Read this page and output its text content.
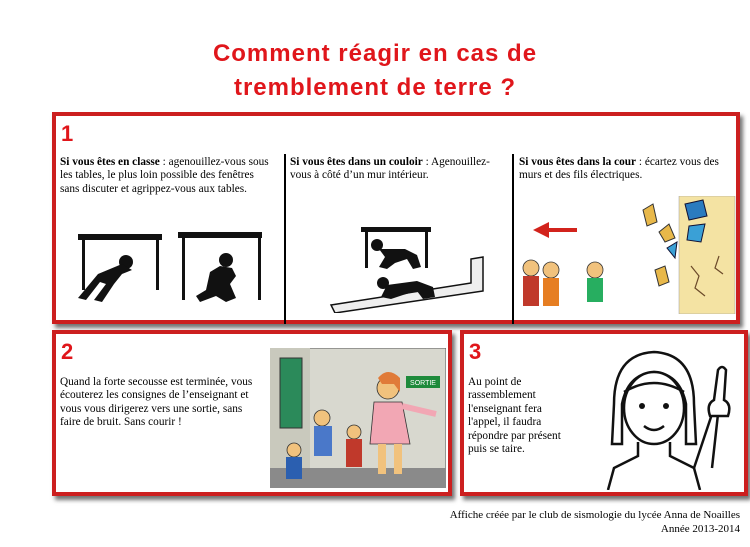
Comment réagir en cas de
tremblement de terre ?
1
Si vous êtes en classe : agenouillez-vous sous les tables, le plus loin possible des fenêtres sans discuter et agrippez-vous aux tables.
Si vous êtes dans un couloir : Agenouillez-vous à côté d’un mur intérieur.
Si vous êtes dans la cour : écartez vous des murs et des fils électriques.
2
Quand la forte secousse est terminée, vous écouterez les consignes de l’enseignant et vous vous dirigerez vers une sortie, sans faire de bruit. Sans courir !
SORTIE
3
Au point de rassemblement l'enseignant fera l'appel, il faudra répondre par présent puis se taire.
Affiche créée par le club de sismologie du lycée Anna de Noailles
Année 2013-2014
